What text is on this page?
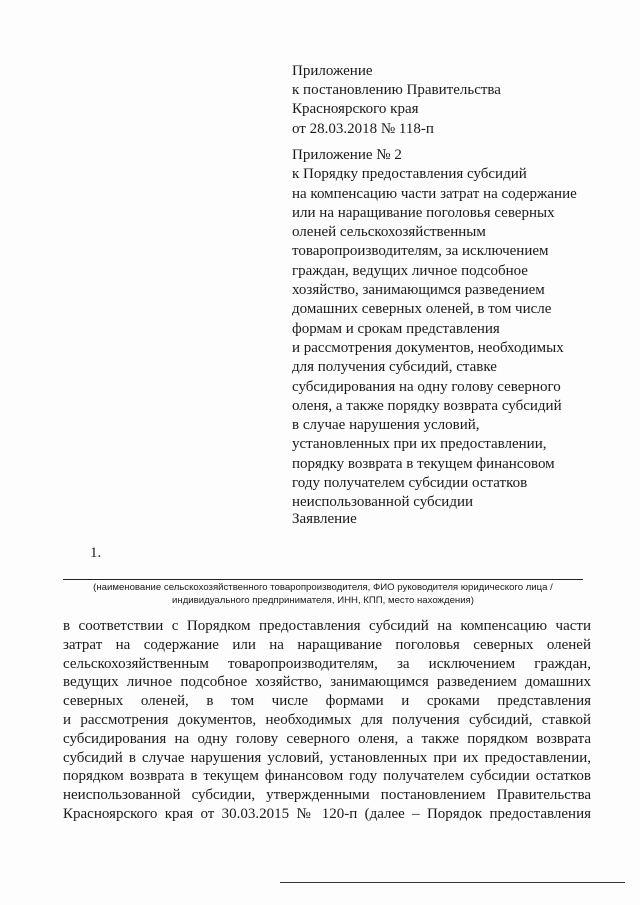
Приложение
к постановлению Правительства
Красноярского края
от 28.03.2018 № 118-п
Приложение № 2
к Порядку предоставления субсидий
на компенсацию части затрат на содержание
или на наращивание поголовья северных
оленей сельскохозяйственным
товаропроизводителям, за исключением
граждан, ведущих личное подсобное
хозяйство, занимающимся разведением
домашних северных оленей, в том числе
формам и срокам представления
и рассмотрения документов, необходимых
для получения субсидий, ставке
субсидирования на одну голову северного
оленя, а также порядку возврата субсидий
в случае нарушения условий,
установленных при их предоставлении,
порядку возврата в текущем финансовом
году получателем субсидии остатков
неиспользованной субсидии
Заявление
1.
(наименование сельскохозяйственного товаропроизводителя, ФИО руководителя юридического лица /
индивидуального предпринимателя, ИНН, КПП, место нахождения)
в соответствии с Порядком предоставления субсидий на компенсацию части
затрат на содержание или на наращивание поголовья северных оленей
сельскохозяйственным товаропроизводителям, за исключением граждан,
ведущих личное подсобное хозяйство, занимающимся разведением домашних
северных оленей, в том числе формами и сроками представления
и рассмотрения документов, необходимых для получения субсидий, ставкой
субсидирования на одну голову северного оленя, а также порядком возврата
субсидий в случае нарушения условий, установленных при их предоставлении,
порядком возврата в текущем финансовом году получателем субсидии остатков
неиспользованной субсидии, утвержденными постановлением Правительства
Красноярского края от 30.03.2015 № 120-п (далее – Порядок предоставления
